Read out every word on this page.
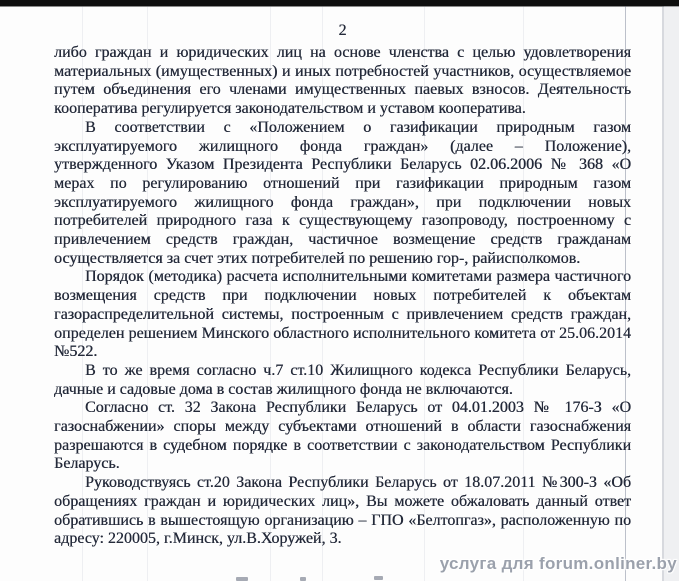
2

либо граждан и юридических лиц на основе членства с целью удовлетворения материальных (имущественных) и иных потребностей участников, осуществляемое путем объединения его членами имущественных паевых взносов. Деятельность кооператива регулируется законодательством и уставом кооператива.

В соответствии с «Положением о газификации природным газом эксплуатируемого жилищного фонда граждан» (далее – Положение), утвержденного Указом Президента Республики Беларусь 02.06.2006 № 368 «О мерах по регулированию отношений при газификации природным газом эксплуатируемого жилищного фонда граждан», при подключении новых потребителей природного газа к существующему газопроводу, построенному с привлечением средств граждан, частичное возмещение средств гражданам осуществляется за счет этих потребителей по решению гор-, райисполкомов.

Порядок (методика) расчета исполнительными комитетами размера частичного возмещения средств при подключении новых потребителей к объектам газораспределительной системы, построенным с привлечением средств граждан, определен решением Минского областного исполнительного комитета от 25.06.2014 №522.

В то же время согласно ч.7 ст.10 Жилищного кодекса Республики Беларусь, дачные и садовые дома в состав жилищного фонда не включаются.

Согласно ст. 32 Закона Республики Беларусь от 04.01.2003 № 176-З «О газоснабжении» споры между субъектами отношений в области газоснабжения разрешаются в судебном порядке в соответствии с законодательством Республики Беларусь.

Руководствуясь ст.20 Закона Республики Беларусь от 18.07.2011 №300-З «Об обращениях граждан и юридических лиц», Вы можете обжаловать данный ответ обратившись в вышестоящую организацию – ГПО «Белтопгаз», расположенную по адресу: 220005, г.Минск, ул.В.Хоружей, 3.

услуга для forum.onliner.by
